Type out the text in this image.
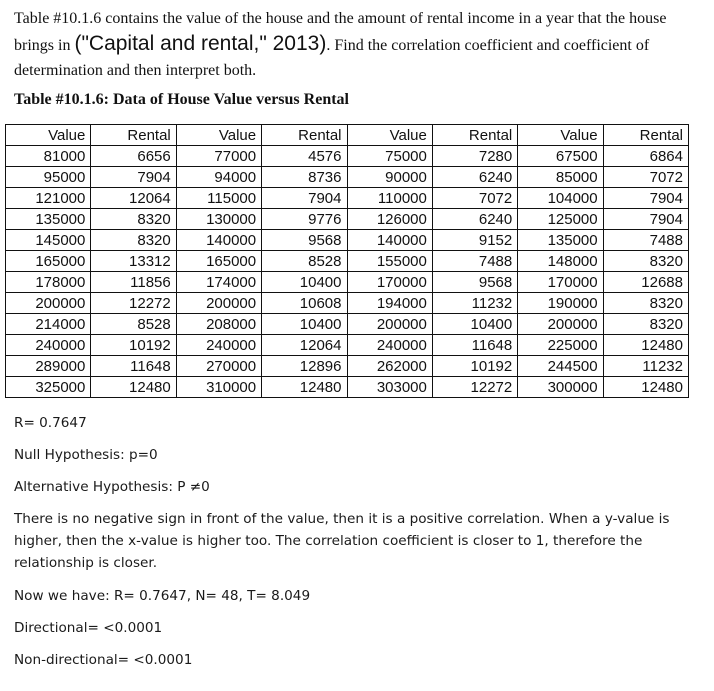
Table #10.1.6 contains the value of the house and the amount of rental income in a year that the house brings in ("Capital and rental," 2013). Find the correlation coefficient and coefficient of determination and then interpret both.

Table #10.1.6: Data of House Value versus Rental

Value	Rental	Value	Rental	Value	Rental	Value	Rental
81000	6656	77000	4576	75000	7280	67500	6864
95000	7904	94000	8736	90000	6240	85000	7072
121000	12064	115000	7904	110000	7072	104000	7904
135000	8320	130000	9776	126000	6240	125000	7904
145000	8320	140000	9568	140000	9152	135000	7488
165000	13312	165000	8528	155000	7488	148000	8320
178000	11856	174000	10400	170000	9568	170000	12688
200000	12272	200000	10608	194000	11232	190000	8320
214000	8528	208000	10400	200000	10400	200000	8320
240000	10192	240000	12064	240000	11648	225000	12480
289000	11648	270000	12896	262000	10192	244500	11232
325000	12480	310000	12480	303000	12272	300000	12480

R= 0.7647

Null Hypothesis: p=0

Alternative Hypothesis: P ≠0

There is no negative sign in front of the value, then it is a positive correlation. When a y-value is higher, then the x-value is higher too. The correlation coefficient is closer to 1, therefore the relationship is closer.

Now we have: R= 0.7647, N= 48, T= 8.049

Directional= <0.0001

Non-directional= <0.0001
